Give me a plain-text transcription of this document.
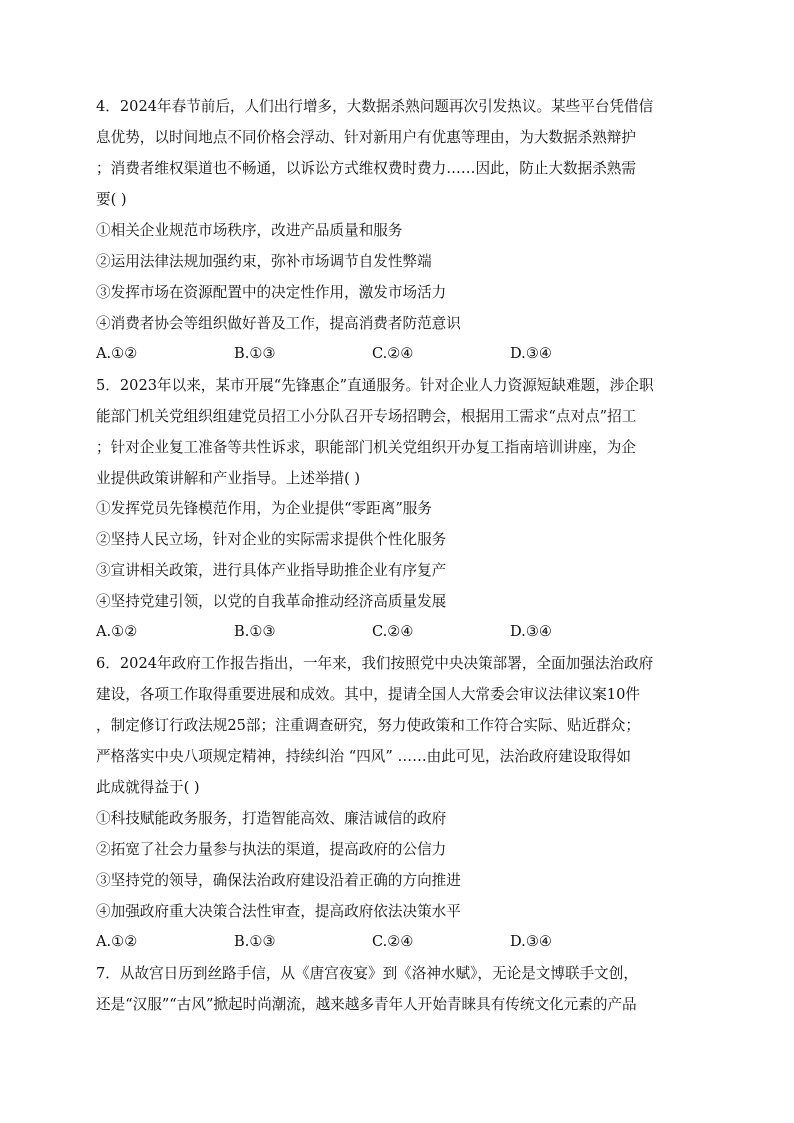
4．2024年春节前后，人们出行增多，大数据杀熟问题再次引发热议。某些平台凭借信
息优势，以时间地点不同价格会浮动、针对新用户有优惠等理由，为大数据杀熟辩护
；消费者维权渠道也不畅通，以诉讼方式维权费时费力……因此，防止大数据杀熟需
要( )
①相关企业规范市场秩序，改进产品质量和服务
②运用法律法规加强约束，弥补市场调节自发性弊端
③发挥市场在资源配置中的决定性作用，激发市场活力
④消费者协会等组织做好普及工作，提高消费者防范意识
A.①②	B.①③	C.②④	D.③④
5．2023年以来，某市开展“先锋惠企”直通服务。针对企业人力资源短缺难题，涉企职
能部门机关党组织组建党员招工小分队召开专场招聘会，根据用工需求“点对点”招工
；针对企业复工准备等共性诉求，职能部门机关党组织开办复工指南培训讲座，为企
业提供政策讲解和产业指导。上述举措( )
①发挥党员先锋模范作用，为企业提供“零距离”服务
②坚持人民立场，针对企业的实际需求提供个性化服务
③宣讲相关政策，进行具体产业指导助推企业有序复产
④坚持党建引领，以党的自我革命推动经济高质量发展
A.①②	B.①③	C.②④	D.③④
6．2024年政府工作报告指出，一年来，我们按照党中央决策部署，全面加强法治政府
建设，各项工作取得重要进展和成效。其中，提请全国人大常委会审议法律议案10件
，制定修订行政法规25部；注重调查研究，努力使政策和工作符合实际、贴近群众；
严格落实中央八项规定精神，持续纠治 “四风” ……由此可见，法治政府建设取得如
此成就得益于( )
①科技赋能政务服务，打造智能高效、廉洁诚信的政府
②拓宽了社会力量参与执法的渠道，提高政府的公信力
③坚持党的领导，确保法治政府建设沿着正确的方向推进
④加强政府重大决策合法性审查，提高政府依法决策水平
A.①②	B.①③	C.②④	D.③④
7．从故宫日历到丝路手信，从《唐宫夜宴》到《洛神水赋》，无论是文博联手文创，
还是“汉服”“古风”掀起时尚潮流，越来越多青年人开始青睐具有传统文化元素的产品
